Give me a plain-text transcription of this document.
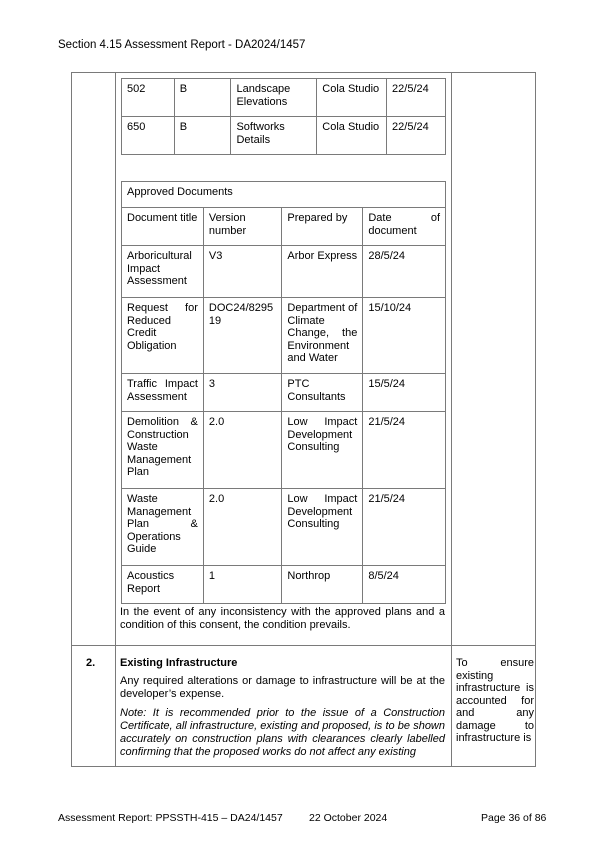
Section 4.15 Assessment Report - DA2024/1457
502	B	Landscape Elevations	Cola Studio	22/5/24
650	B	Softworks Details	Cola Studio	22/5/24
Approved Documents			
Document title	Version number	Prepared by	Date of document
Arboricultural Impact Assessment	V3	Arbor Express	28/5/24
Request for Reduced Credit Obligation	DOC24/829519	Department of Climate Change, the Environment and Water	15/10/24
Traffic Impact Assessment	3	PTC Consultants	15/5/24
Demolition & Construction Waste Management Plan	2.0	Low Impact Development Consulting	21/5/24
Waste Management Plan & Operations Guide	2.0	Low Impact Development Consulting	21/5/24
Acoustics Report	1	Northrop	8/5/24
In the event of any inconsistency with the approved plans and a condition of this consent, the condition prevails.
2. Existing Infrastructure
Any required alterations or damage to infrastructure will be at the developer’s expense.
Note: It is recommended prior to the issue of a Construction Certificate, all infrastructure, existing and proposed, is to be shown accurately on construction plans with clearances clearly labelled confirming that the proposed works do not affect any existing
To ensure existing infrastructure is accounted for and any damage to infrastructure is
Assessment Report: PPSSTH-415 – DA24/1457	22 October 2024	Page 36 of 86
